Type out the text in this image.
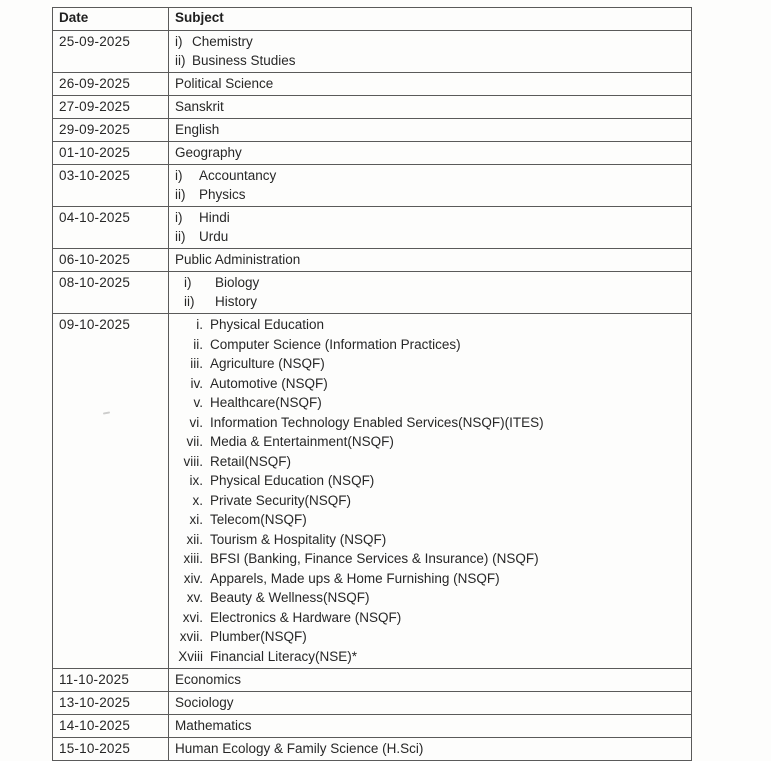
Date	Subject
25-09-2025	i) Chemistry
ii) Business Studies

26-09-2025	Political Science

27-09-2025	Sanskrit

29-09-2025	English

01-10-2025	Geography

03-10-2025	i) Accountancy
ii) Physics

04-10-2025	i) Hindi
ii) Urdu

06-10-2025	Public Administration

08-10-2025	i) Biology
ii) History

09-10-2025	i. Physical Education
ii. Computer Science (Information Practices)
iii. Agriculture (NSQF)
iv. Automotive (NSQF)
v. Healthcare(NSQF)
vi. Information Technology Enabled Services(NSQF)(ITES)
vii. Media & Entertainment(NSQF)
viii. Retail(NSQF)
ix. Physical Education (NSQF)
x. Private Security(NSQF)
xi. Telecom(NSQF)
xii. Tourism & Hospitality (NSQF)
xiii. BFSI (Banking, Finance Services & Insurance) (NSQF)
xiv. Apparels, Made ups & Home Furnishing (NSQF)
xv. Beauty & Wellness(NSQF)
xvi. Electronics & Hardware (NSQF)
xvii. Plumber(NSQF)
Xviii Financial Literacy(NSE)*

11-10-2025	Economics

13-10-2025	Sociology

14-10-2025	Mathematics

15-10-2025	Human Ecology & Family Science (H.Sci)
